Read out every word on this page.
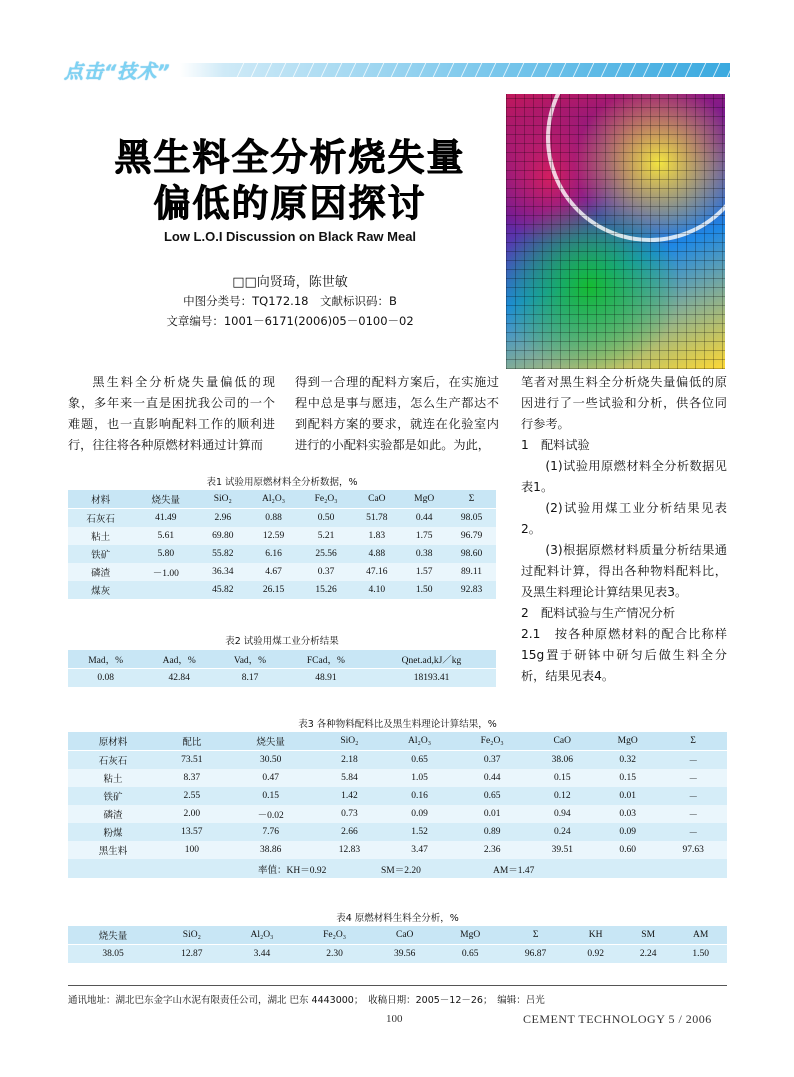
点击“技术”
黑生料全分析烧失量
偏低的原因探讨
Low L.O.I Discussion on Black Raw Meal
□□向贤琦，陈世敏
中图分类号：TQ172.18　文献标识码：B
文章编号：1001－6171(2006)05－0100－02

黑生料全分析烧失量偏低的现象，多年来一直是困扰我公司的一个难题，也一直影响配料工作的顺利进行，往往将各种原燃材料通过计算而

得到一合理的配料方案后，在实施过程中总是事与愿违，怎么生产都达不到配料方案的要求，就连在化验室内进行的小配料实验都是如此。为此，

笔者对黑生料全分析烧失量偏低的原因进行了一些试验和分析，供各位同行参考。

1　配料试验

(1)试验用原燃材料全分析数据见表1。

(2)试验用煤工业分析结果见表2。

(3)根据原燃材料质量分析结果通过配料计算，得出各种物料配料比，及黑生料理论计算结果见表3。

2　配料试验与生产情况分析

2.1　按各种原燃材料的配合比称样15g置于研钵中研匀后做生料全分析，结果见表4。

表1 试验用原燃材料全分析数据，%
材料	烧失量	SiO₂	Al₂O₃	Fe₂O₃	CaO	MgO	Σ
石灰石	41.49	2.96	0.88	0.50	51.78	0.44	98.05
粘土	5.61	69.80	12.59	5.21	1.83	1.75	96.79
铁矿	5.80	55.82	6.16	25.56	4.88	0.38	98.60
磷渣	－1.00	36.34	4.67	0.37	47.16	1.57	89.11
煤灰		45.82	26.15	15.26	4.10	1.50	92.83
表2 试验用煤工业分析结果
Mad，%	Aad，%	Vad，%	FCad，%	Qnet.ad,kJ／kg
0.08	42.84	8.17	48.91	18193.41
表3 各种物料配料比及黑生料理论计算结果，%
原材料	配比	烧失量	SiO₂	Al₂O₃	Fe₂O₃	CaO	MgO	Σ
石灰石	73.51	30.50	2.18	0.65	0.37	38.06	0.32	－
粘土	8.37	0.47	5.84	1.05	0.44	0.15	0.15	－
铁矿	2.55	0.15	1.42	0.16	0.65	0.12	0.01	－
磷渣	2.00	－0.02	0.73	0.09	0.01	0.94	0.03	－
粉煤	13.57	7.76	2.66	1.52	0.89	0.24	0.09	－
黑生料	100	38.86	12.83	3.47	2.36	39.51	0.60	97.63

率值：KH＝0.92 SM＝2.20 AM＝1.47								
表4 原燃材料生料全分析，%
烧失量	SiO₂	Al₂O₃	Fe₂O₃	CaO	MgO	Σ	KH	SM	AM
38.05	12.87	3.44	2.30	39.56	0.65	96.87	0.92	2.24	1.50
通讯地址：湖北巴东金字山水泥有限责任公司，湖北 巴东 4443000；　收稿日期：2005－12－26；　编辑：吕光
100	CEMENT TECHNOLOGY 5 / 2006
